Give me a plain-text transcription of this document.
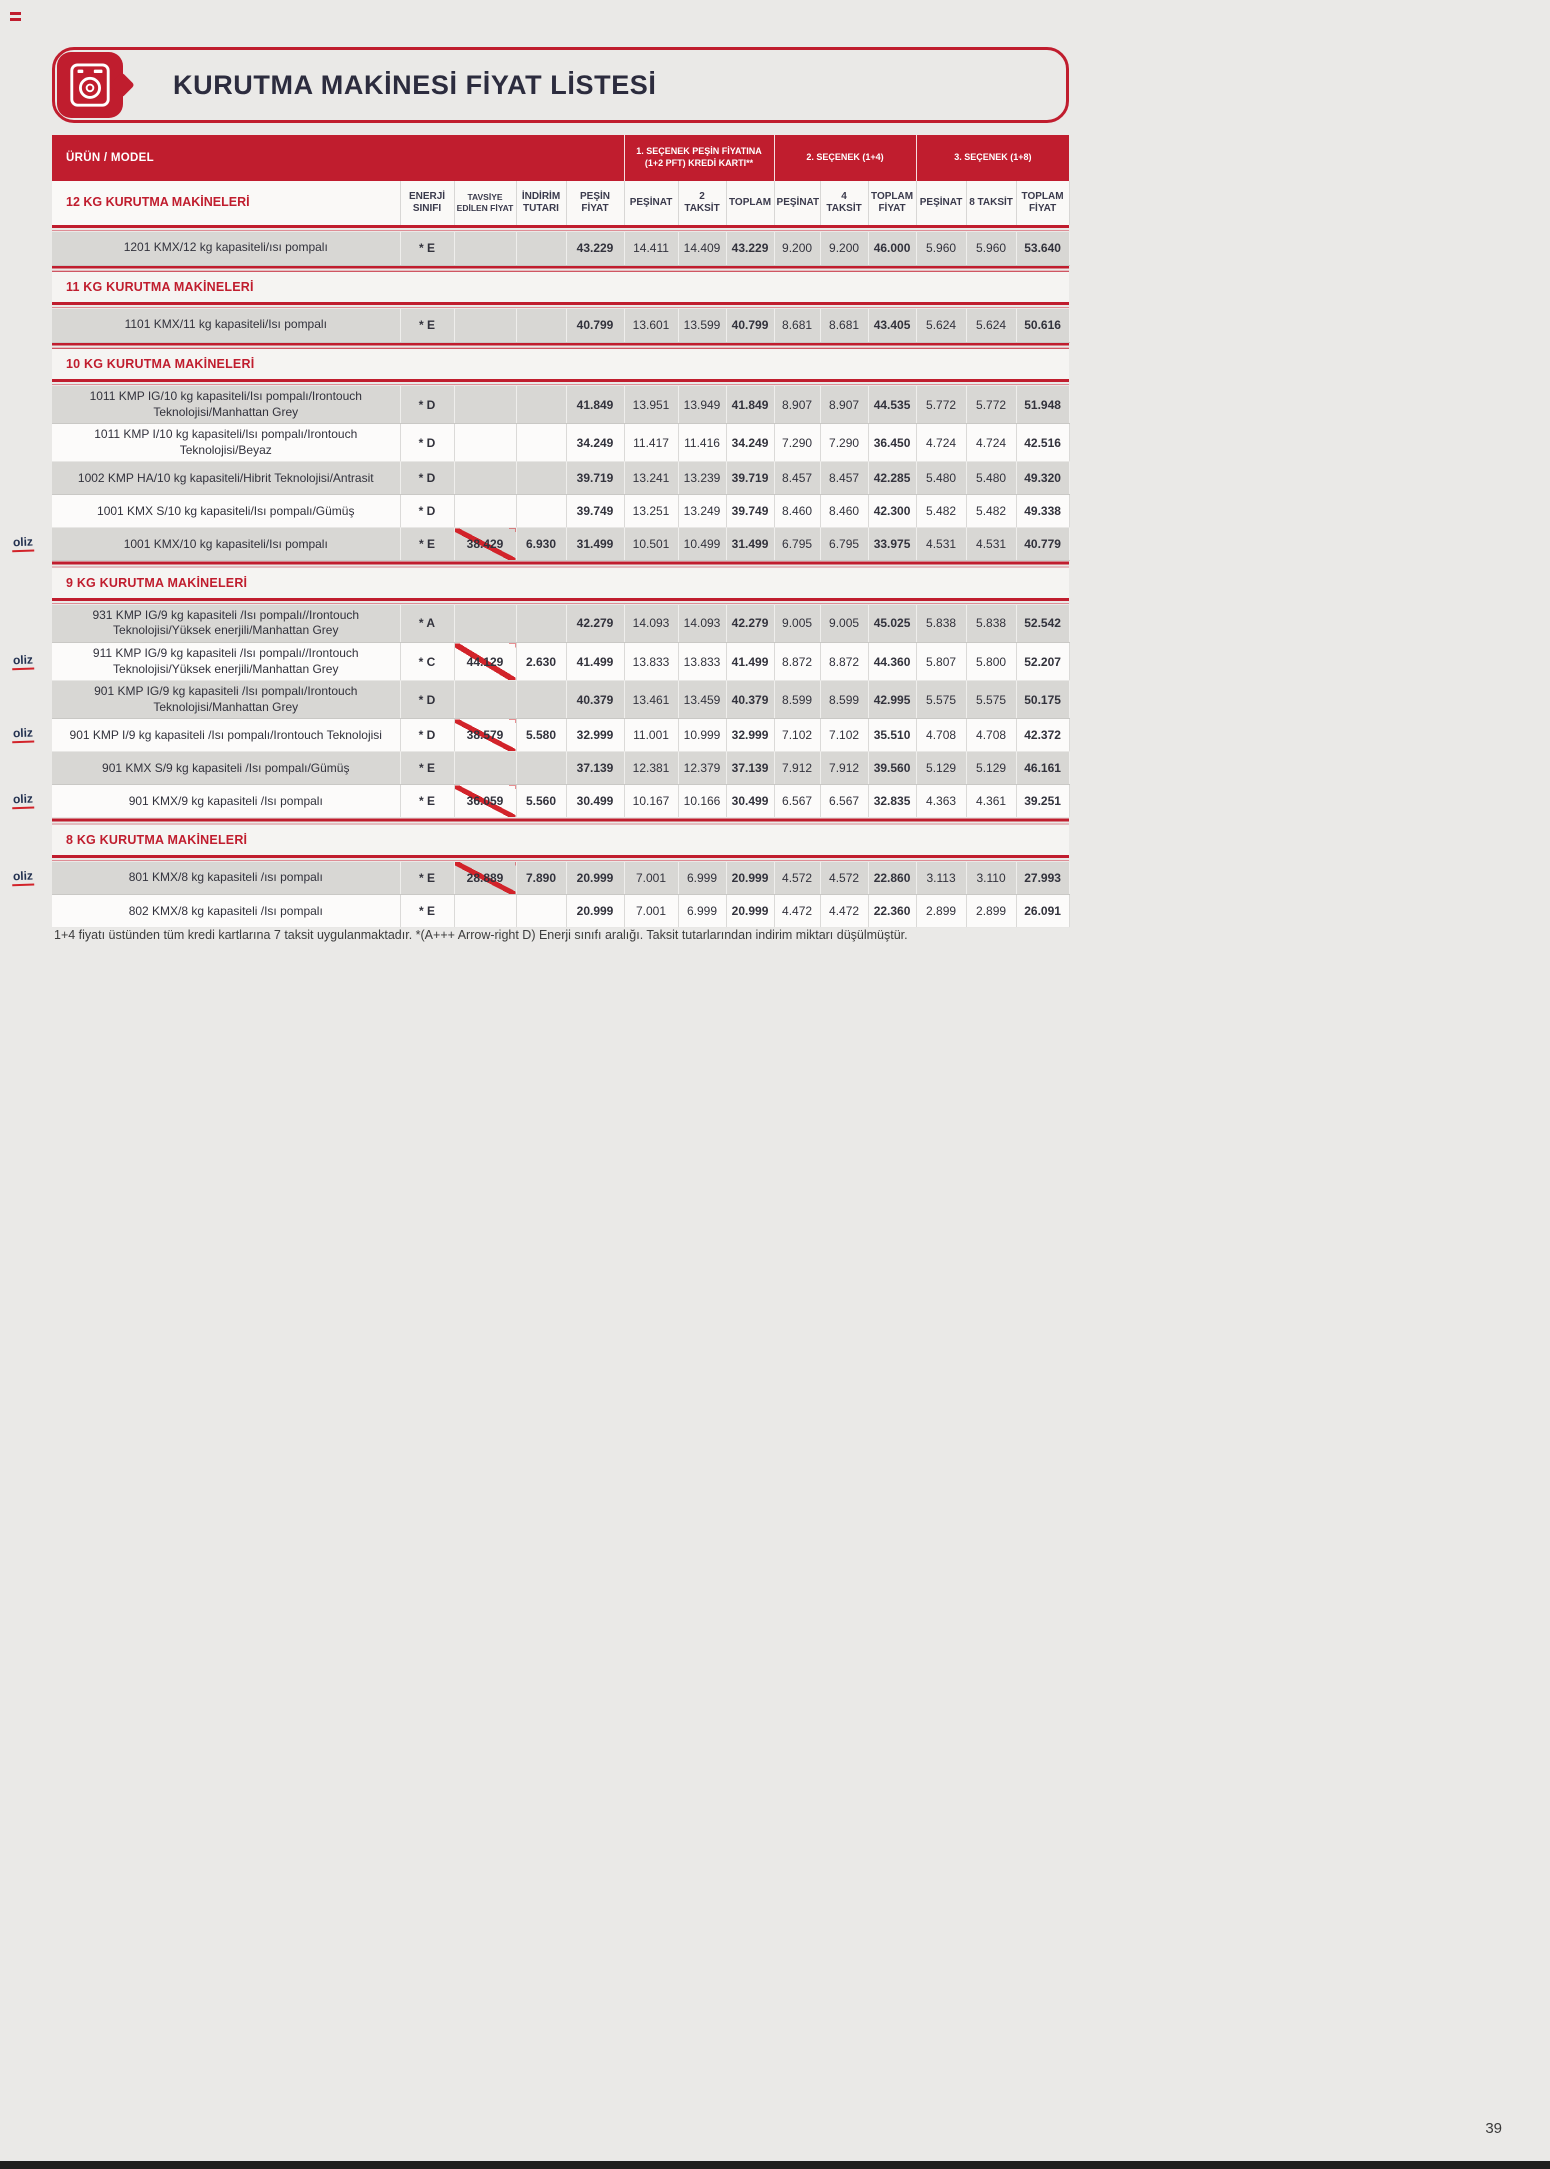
KURUTMA MAKİNESİ FİYAT LİSTESİ
ÜRÜN / MODEL					1. SEÇENEK PEŞİN FİYATINA (1+2 PFT) KREDİ KARTI**			2. SEÇENEK (1+4)			3. SEÇENEK (1+8)		
12 KG KURUTMA MAKİNELERİ	ENERJİ SINIFI	TAVSİYE EDİLEN FİYAT	İNDİRİM TUTARI	PEŞİN FİYAT	PEŞİNAT	2 TAKSİT	TOPLAM	PEŞİNAT	4 TAKSİT	TOPLAM FİYAT	PEŞİNAT	8 TAKSİT	TOPLAM FİYAT

1201 KMX/12 kg kapasiteli/ısı pompalı	* E			43.229	14.411	14.409	43.229	9.200	9.200	46.000	5.960	5.960	53.640

11 KG KURUTMA MAKİNELERİ													

1101 KMX/11 kg kapasiteli/Isı pompalı	* E			40.799	13.601	13.599	40.799	8.681	8.681	43.405	5.624	5.624	50.616

10 KG KURUTMA MAKİNELERİ													

1011 KMP IG/10 kg kapasiteli/Isı pompalı/Irontouch Teknolojisi/Manhattan Grey	* D			41.849	13.951	13.949	41.849	8.907	8.907	44.535	5.772	5.772	51.948
1011 KMP I/10 kg kapasiteli/Isı pompalı/Irontouch Teknolojisi/Beyaz	* D			34.249	11.417	11.416	34.249	7.290	7.290	36.450	4.724	4.724	42.516
1002 KMP HA/10 kg kapasiteli/Hibrit Teknolojisi/Antrasit	* D			39.719	13.241	13.239	39.719	8.457	8.457	42.285	5.480	5.480	49.320
1001 KMX S/10 kg kapasiteli/Isı pompalı/Gümüş	* D			39.749	13.251	13.249	39.749	8.460	8.460	42.300	5.482	5.482	49.338

oliz 1001 KMX/10 kg kapasiteli/Isı pompalı	* E	38.429	6.930	31.499	10.501	10.499	31.499	6.795	6.795	33.975	4.531	4.531	40.779

9 KG KURUTMA MAKİNELERİ													

931 KMP IG/9 kg kapasiteli /Isı pompalı//Irontouch Teknolojisi/Yüksek enerjili/Manhattan Grey	* A			42.279	14.093	14.093	42.279	9.005	9.005	45.025	5.838	5.838	52.542

oliz 911 KMP IG/9 kg kapasiteli /Isı pompalı//Irontouch Teknolojisi/Yüksek enerjili/Manhattan Grey	* C	44.129	2.630	41.499	13.833	13.833	41.499	8.872	8.872	44.360	5.807	5.800	52.207
901 KMP IG/9 kg kapasiteli /Isı pompalı/Irontouch Teknolojisi/Manhattan Grey	* D			40.379	13.461	13.459	40.379	8.599	8.599	42.995	5.575	5.575	50.175

oliz 901 KMP I/9 kg kapasiteli /Isı pompalı/Irontouch Teknolojisi	* D	38.579	5.580	32.999	11.001	10.999	32.999	7.102	7.102	35.510	4.708	4.708	42.372
901 KMX S/9 kg kapasiteli /Isı pompalı/Gümüş	* E			37.139	12.381	12.379	37.139	7.912	7.912	39.560	5.129	5.129	46.161

oliz 901 KMX/9 kg kapasiteli /Isı pompalı	* E	36.059	5.560	30.499	10.167	10.166	30.499	6.567	6.567	32.835	4.363	4.361	39.251

8 KG KURUTMA MAKİNELERİ													

oliz 801 KMX/8 kg kapasiteli /ısı pompalı	* E	28.889	7.890	20.999	7.001	6.999	20.999	4.572	4.572	22.860	3.113	3.110	27.993
802 KMX/8 kg kapasiteli /Isı pompalı	* E			20.999	7.001	6.999	20.999	4.472	4.472	22.360	2.899	2.899	26.091

1+4 fiyatı üstünden tüm kredi kartlarına 7 taksit uygulanmaktadır. *(A+++ Arrow-right D) Enerji sınıfı aralığı. Taksit tutarlarından indirim miktarı düşülmüştür.

39
